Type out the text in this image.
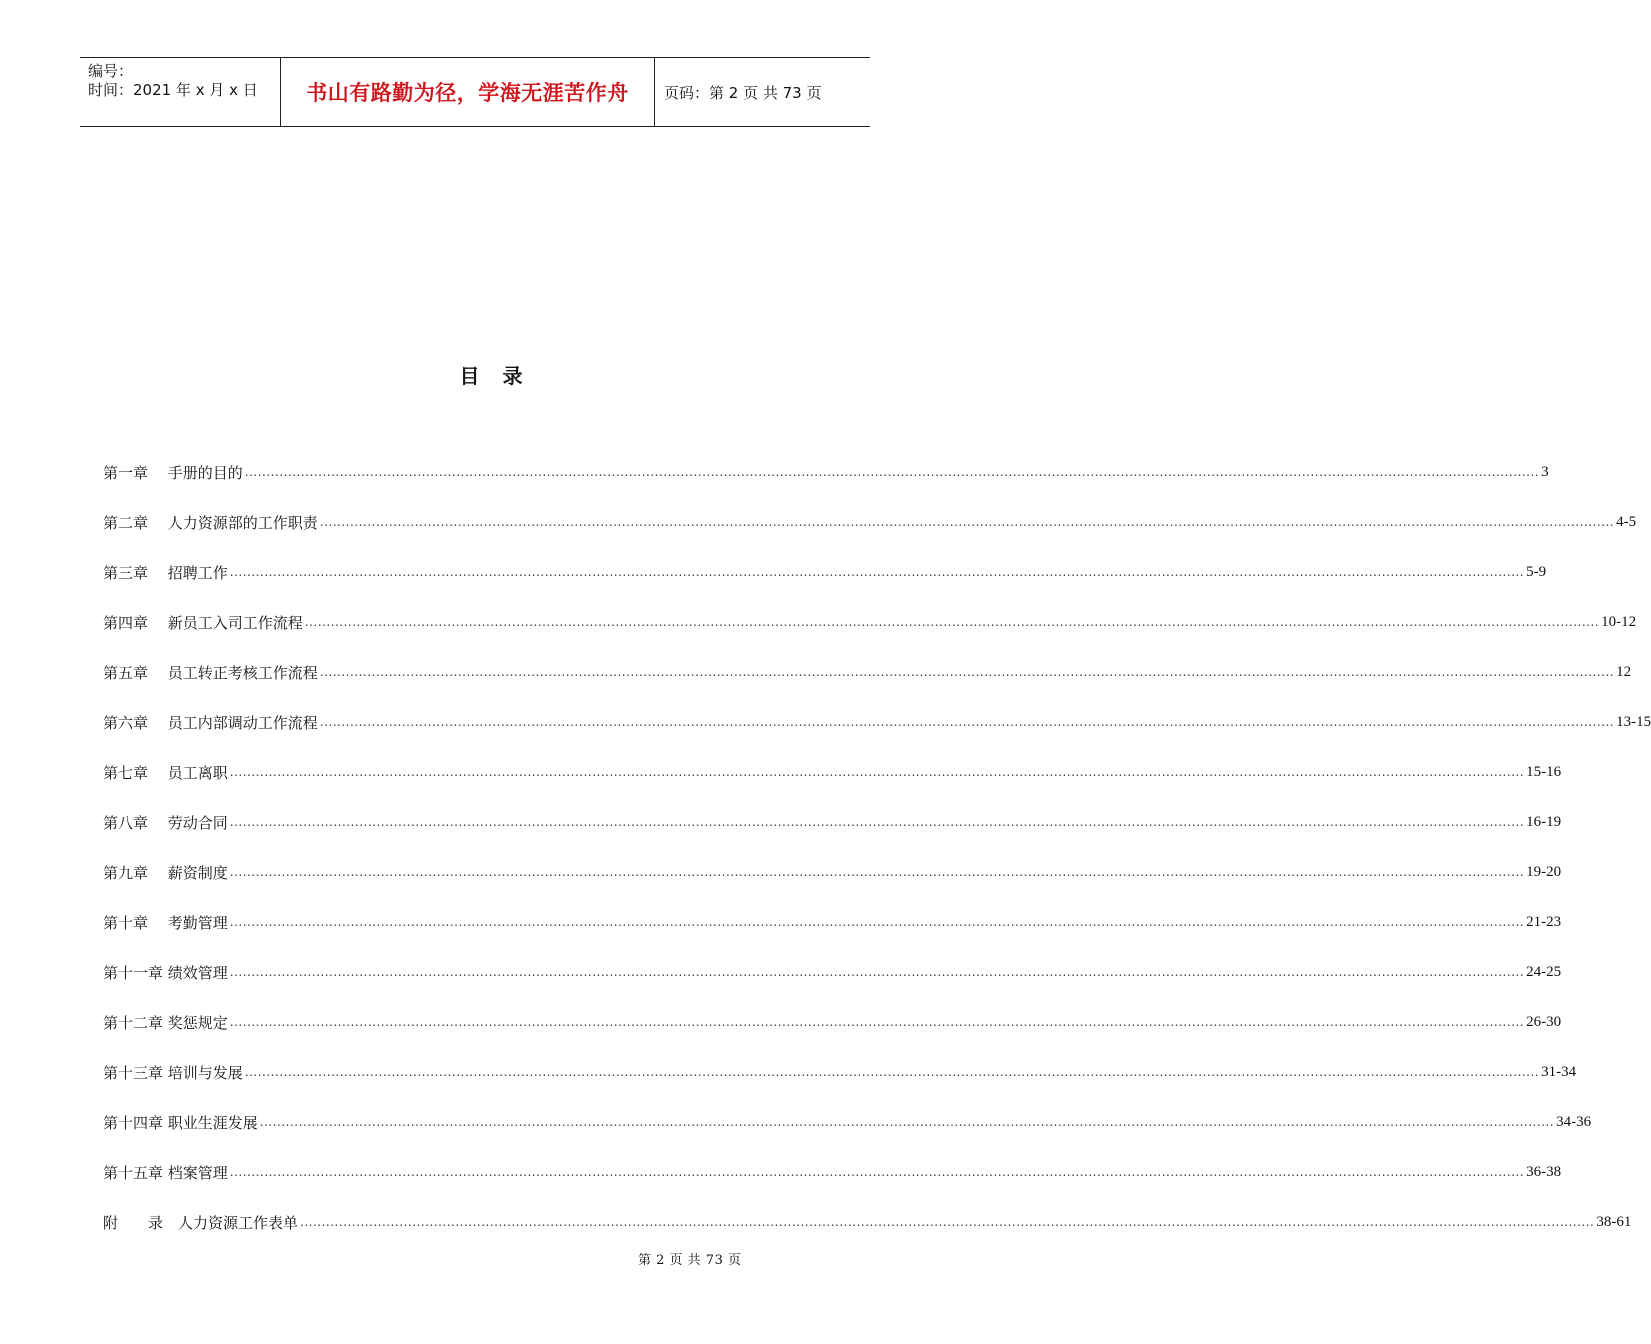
编号：
时间：2021 年 x 月 x 日	书山有路勤为径，学海无涯苦作舟 页码：第 2 页 共 73 页
目 录
第一章　 手册的目的 ............................................................................................................................................................................................................................................................................................................ 3
第二章　 人力资源部的工作职责 ............................................................................................................................................................................................................................................................................................................ 4-5
第三章　 招聘工作 ............................................................................................................................................................................................................................................................................................................ 5-9
第四章　 新员工入司工作流程 ............................................................................................................................................................................................................................................................................................................ 10-12
第五章　 员工转正考核工作流程 ............................................................................................................................................................................................................................................................................................................ 12
第六章　 员工内部调动工作流程 ............................................................................................................................................................................................................................................................................................................ 13-15
第七章　 员工离职 ............................................................................................................................................................................................................................................................................................................ 15-16
第八章　 劳动合同 ............................................................................................................................................................................................................................................................................................................ 16-19
第九章　 薪资制度 ............................................................................................................................................................................................................................................................................................................ 19-20
第十章　 考勤管理 ............................................................................................................................................................................................................................................................................................................ 21-23
第十一章 绩效管理 ............................................................................................................................................................................................................................................................................................................ 24-25
第十二章 奖惩规定 ............................................................................................................................................................................................................................................................................................................ 26-30
第十三章 培训与发展 ............................................................................................................................................................................................................................................................................................................ 31-34
第十四章 职业生涯发展 ............................................................................................................................................................................................................................................................................................................ 34-36
第十五章 档案管理 ............................................................................................................................................................................................................................................................................................................ 36-38
附　　录　人力资源工作表单 ............................................................................................................................................................................................................................................................................................................ 38-61
第 2 页 共 73 页
